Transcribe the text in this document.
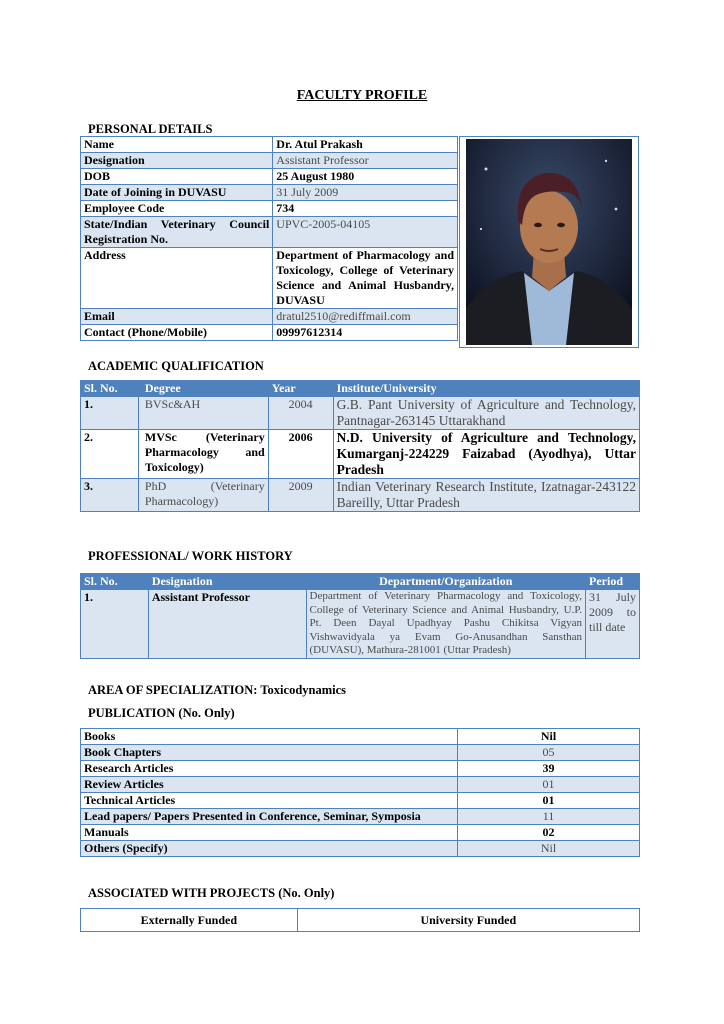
FACULTY PROFILE
PERSONAL DETAILS
Name	Dr. Atul Prakash
Designation	Assistant Professor
DOB	25 August 1980
Date of Joining in DUVASU	31 July 2009
Employee Code	734
State/Indian Veterinary Council Registration No.	UPVC-2005-04105
Address	Department of Pharmacology and Toxicology, College of Veterinary Science and Animal Husbandry, DUVASU
Email	dratul2510@rediffmail.com
Contact (Phone/Mobile)	09997612314
ACADEMIC QUALIFICATION
Sl. No.	Degree	Year	Institute/University
1.	BVSc&AH	2004	G.B. Pant University of Agriculture and Technology, Pantnagar-263145 Uttarakhand
2.	MVSc (Veterinary Pharmacology and Toxicology)	2006	N.D. University of Agriculture and Technology, Kumarganj-224229 Faizabad (Ayodhya), Uttar Pradesh
3.	PhD (Veterinary Pharmacology)	2009	Indian Veterinary Research Institute, Izatnagar-243122 Bareilly, Uttar Pradesh
PROFESSIONAL/ WORK HISTORY
Sl. No.	Designation	Department/Organization	Period
1.	Assistant Professor	Department of Veterinary Pharmacology and Toxicology, College of Veterinary Science and Animal Husbandry, U.P. Pt. Deen Dayal Upadhyay Pashu Chikitsa Vigyan Vishwavidyala ya Evam Go-Anusandhan Sansthan (DUVASU), Mathura-281001 (Uttar Pradesh)	31 July 2009 to till date
AREA OF SPECIALIZATION: Toxicodynamics
PUBLICATION (No. Only)
Books	Nil
Book Chapters	05
Research Articles	39
Review Articles	01
Technical Articles	01
Lead papers/ Papers Presented in Conference, Seminar, Symposia	11
Manuals	02
Others (Specify)	Nil
ASSOCIATED WITH PROJECTS (No. Only)
Externally Funded	University Funded
